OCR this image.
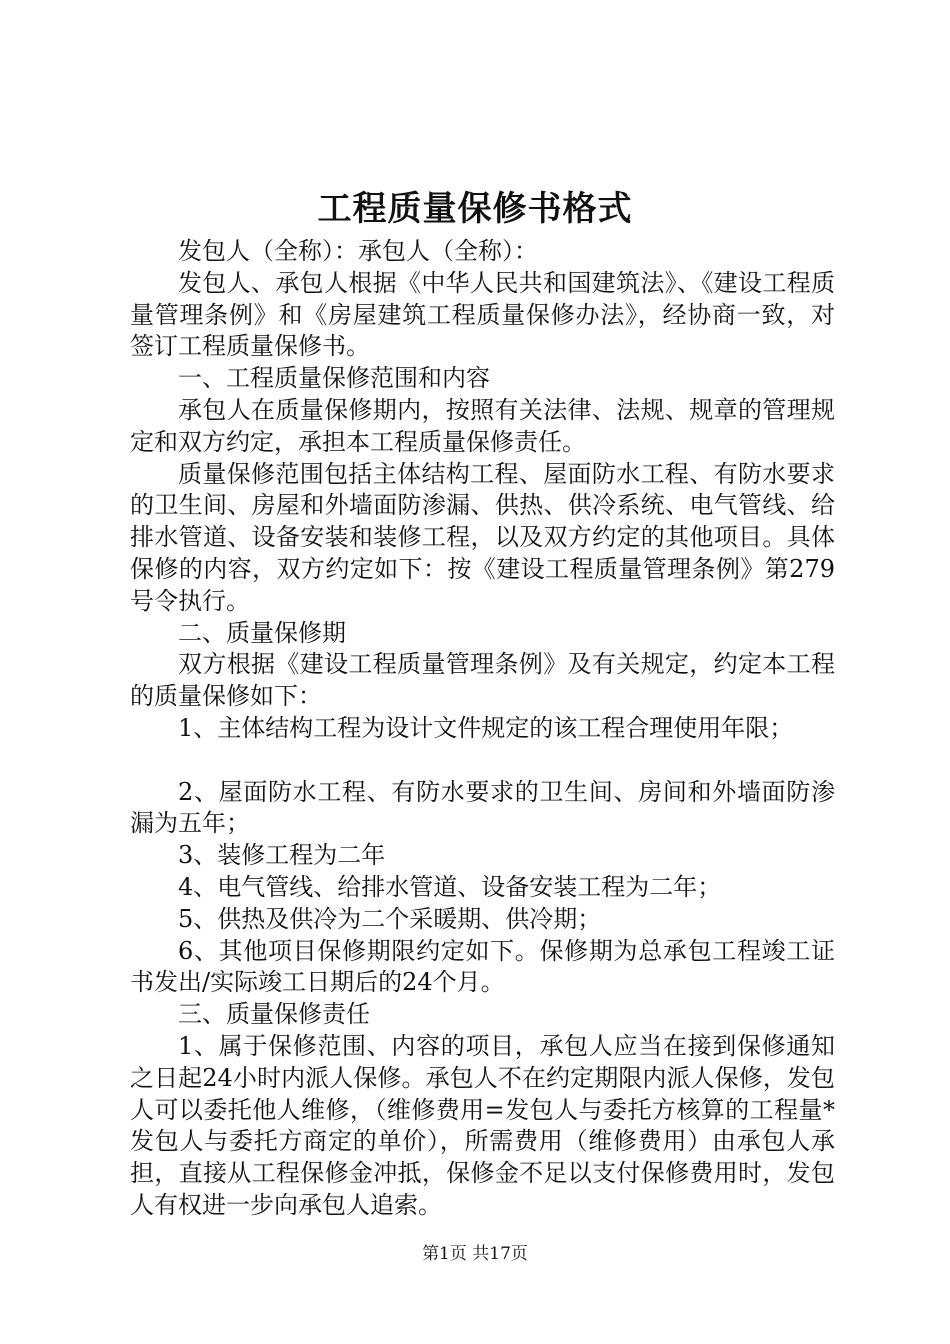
工程质量保修书格式

发包人（全称）：承包人（全称）：

发包人、承包人根据《中华人民共和国建筑法》、《建设工程质量管理条例》和《房屋建筑工程质量保修办法》，经协商一致，对签订工程质量保修书。

一、工程质量保修范围和内容

承包人在质量保修期内，按照有关法律、法规、规章的管理规定和双方约定，承担本工程质量保修责任。

质量保修范围包括主体结构工程、屋面防水工程、有防水要求的卫生间、房屋和外墙面防渗漏、供热、供冷系统、电气管线、给排水管道、设备安装和装修工程，以及双方约定的其他项目。具体保修的内容，双方约定如下：按《建设工程质量管理条例》第279号令执行。

二、质量保修期

双方根据《建设工程质量管理条例》及有关规定，约定本工程的质量保修如下：

1、主体结构工程为设计文件规定的该工程合理使用年限；

2、屋面防水工程、有防水要求的卫生间、房间和外墙面防渗漏为五年；

3、装修工程为二年

4、电气管线、给排水管道、设备安装工程为二年；

5、供热及供冷为二个采暖期、供冷期；

6、其他项目保修期限约定如下。保修期为总承包工程竣工证书发出/实际竣工日期后的24个月。

三、质量保修责任

1、属于保修范围、内容的项目，承包人应当在接到保修通知之日起24小时内派人保修。承包人不在约定期限内派人保修，发包人可以委托他人维修，（维修费用=发包人与委托方核算的工程量*发包人与委托方商定的单价），所需费用（维修费用）由承包人承担，直接从工程保修金冲抵，保修金不足以支付保修费用时，发包人有权进一步向承包人追索。

第1页 共17页
